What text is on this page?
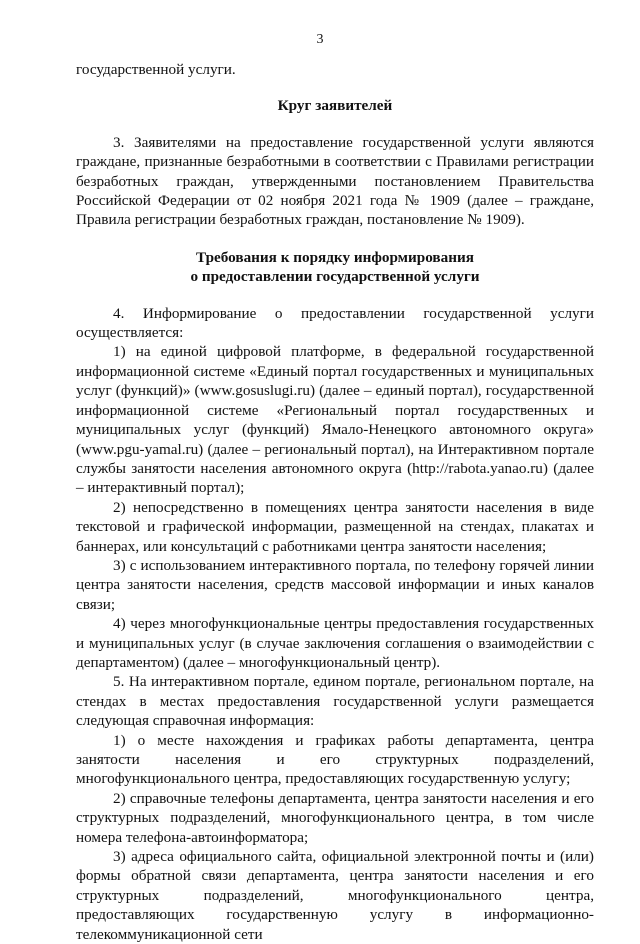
3

государственной услуги.

Круг заявителей

3. Заявителями на предоставление государственной услуги являются граждане, признанные безработными в соответствии с Правилами регистрации безработных граждан, утвержденными постановлением Правительства Российской Федерации от 02 ноября 2021 года № 1909 (далее – граждане, Правила регистрации безработных граждан, постановление № 1909).

Требования к порядку информирования
о предоставлении государственной услуги

4. Информирование о предоставлении государственной услуги осуществляется:

1) на единой цифровой платформе, в федеральной государственной информационной системе «Единый портал государственных и муниципальных услуг (функций)» (www.gosuslugi.ru) (далее – единый портал), государственной информационной системе «Региональный портал государственных и муниципальных услуг (функций) Ямало-Ненецкого автономного округа» (www.pgu-yamal.ru) (далее – региональный портал), на Интерактивном портале службы занятости населения автономного округа (http://rabota.yanao.ru) (далее – интерактивный портал);

2) непосредственно в помещениях центра занятости населения в виде текстовой и графической информации, размещенной на стендах, плакатах и баннерах, или консультаций с работниками центра занятости населения;

3) с использованием интерактивного портала, по телефону горячей линии центра занятости населения, средств массовой информации и иных каналов связи;

4) через многофункциональные центры предоставления государственных и муниципальных услуг (в случае заключения соглашения о взаимодействии с департаментом) (далее – многофункциональный центр).

5. На интерактивном портале, едином портале, региональном портале, на стендах в местах предоставления государственной услуги размещается следующая справочная информация:

1) о месте нахождения и графиках работы департамента, центра занятости населения и его структурных подразделений, многофункционального центра, предоставляющих государственную услугу;

2) справочные телефоны департамента, центра занятости населения и его структурных подразделений, многофункционального центра, в том числе номера телефона-автоинформатора;

3) адреса официального сайта, официальной электронной почты и (или) формы обратной связи департамента, центра занятости населения и его структурных подразделений, многофункционального центра, предоставляющих государственную услугу в информационно-телекоммуникационной сети
